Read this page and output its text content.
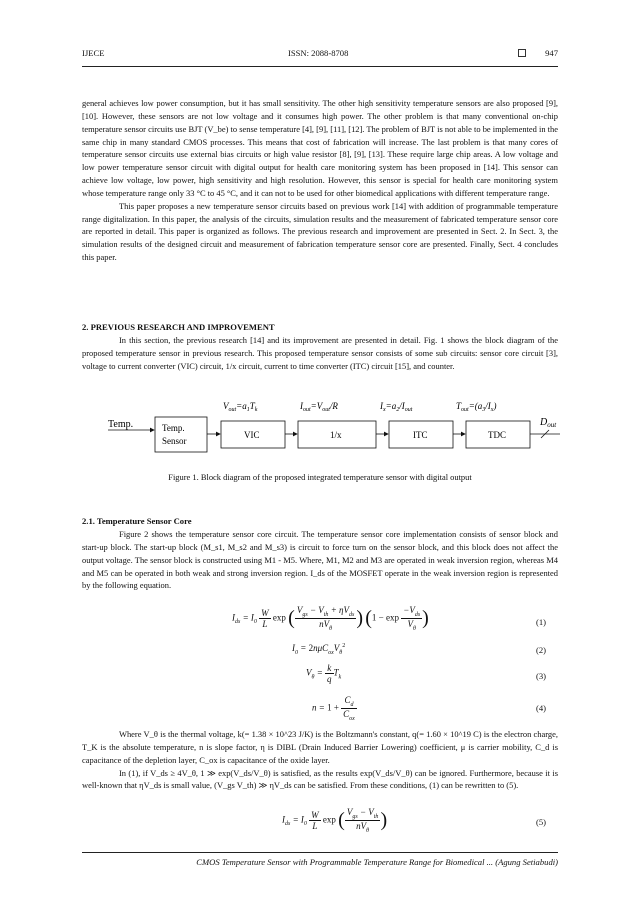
IJECE	ISSN: 2088-8708	947

general achieves low power consumption, but it has small sensitivity. The other high sensitivity temperature sensors are also proposed [9], [10]. However, these sensors are not low voltage and it consumes high power. The other problem is that many conventional on-chip temperature sensor circuits use BJT (V_be) to sense temperature [4], [9], [11], [12]. The problem of BJT is not able to be implemented in the same chip in many standard CMOS processes. This means that cost of fabrication will increase. The last problem is that many cores of temperature sensor circuits use external bias circuits or high value resistor [8], [9], [13]. These require large chip areas. A low voltage and low power temperature sensor circuit with digital output for health care monitoring system has been proposed in [14]. This sensor can achieve low voltage, low power, high sensitivity and high resolution. However, this sensor is special for health care monitoring system whose temperature range only 33 °C to 45 °C, and it can not to be used for other biomedical applications with different temperature range.

This paper proposes a new temperature sensor circuits based on previous work [14] with addition of programmable temperature range digitalization. In this paper, the analysis of the circuits, simulation results and the measurement of fabricated temperature sensor core are reported in detail. This paper is organized as follows. The previous research and improvement are presented in Sect. 2. In Sect. 3, the simulation results of the designed circuit and measurement of fabrication temperature sensor core are presented. Finally, Sect. 4 concludes this paper.

2. PREVIOUS RESEARCH AND IMPROVEMENT

In this section, the previous research [14] and its improvement are presented in detail. Fig. 1 shows the block diagram of the proposed temperature sensor in previous research. This proposed temperature sensor consists of some sub circuits: sensor core circuit [3], voltage to current converter (VIC) circuit, 1/x circuit, current to time converter (ITC) circuit [15], and counter.

$V_{out}=a_1T_k$	$I_{out}=V_{out}/R$	$I_x=a_2/I_{out}$	$T_{out}=(a_3/I_x)$
Temp.	Temp.
Sensor
VIC	1/x	ITC	TDC
$D_{out}$
Figure 1. Block diagram of the proposed integrated temperature sensor with digital output
2.1. Temperature Sensor Core

Figure 2 shows the temperature sensor core circuit. The temperature sensor core implementation consists of sensor block and start-up block. The start-up block (M_s1, M_s2 and M_s3) is circuit to force turn on the sensor block, and this block does not affect the output voltage. The sensor block is constructed using M1 - M5. Where, M1, M2 and M3 are operated in weak inversion region, whereas M4 and M5 can be operated in both weak and strong inversion region. I_ds of the MOSFET operate in the weak inversion region is represented by the following equation.

$I_{ds} = I_0 \frac{W}{L}$ exp ( $\frac{V_{gs} - V_{th} + \eta V_{ds}}{nV_\theta}$ ) ($1 - \exp \frac{-V_{ds}}{V_\theta}$ )	(1)
$I_0 = 2n\mu C_{ox}V_\theta^2$	(2)
$V_\theta = \frac{k}{q} T_k$	(3)
$n = 1 + \frac{C_d}{C_{ox}}$	(4)

Where V_θ is the thermal voltage, k(= 1.38 × 10^23 J/K) is the Boltzmann's constant, q(= 1.60 × 10^19 C) is the electron charge, T_K is the absolute temperature, n is slope factor, η is DIBL (Drain Induced Barrier Lowering) coefficient, μ is carrier mobility, C_d is capacitance of the depletion layer, C_ox is capacitance of the oxide layer.

In (1), if V_ds ≥ 4V_θ, 1 ≫ exp(V_ds/V_θ) is satisfied, as the results exp(V_ds/V_θ) can be ignored. Furthermore, because it is well-known that ηV_ds is small value, (V_gs V_th) ≫ ηV_ds can be satisfied. From these conditions, (1) can be rewritten to (5).

$I_{ds} = I_0 \frac{W}{L}$ exp ( $\frac{V_{gs} - V_{th}}{nV_\theta}$ )	(5)
CMOS Temperature Sensor with Programmable Temperature Range for Biomedical ... (Agung Setiabudi)
